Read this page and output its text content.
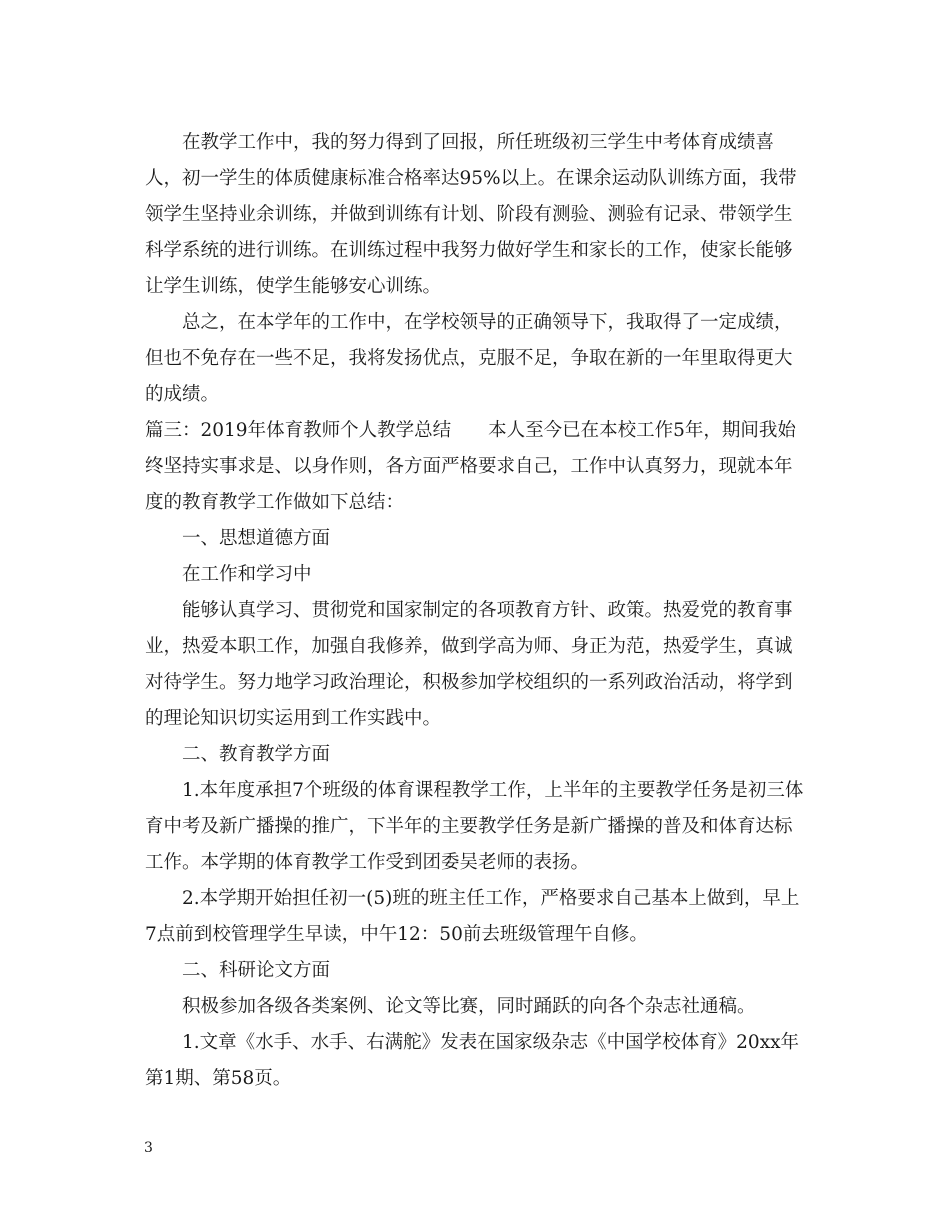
在教学工作中，我的努力得到了回报，所任班级初三学生中考体育成绩喜人，初一学生的体质健康标准合格率达95%以上。在课余运动队训练方面，我带领学生坚持业余训练，并做到训练有计划、阶段有测验、测验有记录、带领学生科学系统的进行训练。在训练过程中我努力做好学生和家长的工作，使家长能够让学生训练，使学生能够安心训练。

总之，在本学年的工作中，在学校领导的正确领导下，我取得了一定成绩，但也不免存在一些不足，我将发扬优点，克服不足，争取在新的一年里取得更大的成绩。

篇三：2019年体育教师个人教学总结　　本人至今已在本校工作5年，期间我始终坚持实事求是、以身作则，各方面严格要求自己，工作中认真努力，现就本年度的教育教学工作做如下总结：

一、思想道德方面

在工作和学习中

能够认真学习、贯彻党和国家制定的各项教育方针、政策。热爱党的教育事业，热爱本职工作，加强自我修养，做到学高为师、身正为范，热爱学生，真诚对待学生。努力地学习政治理论，积极参加学校组织的一系列政治活动，将学到的理论知识切实运用到工作实践中。

二、教育教学方面

1.本年度承担7个班级的体育课程教学工作，上半年的主要教学任务是初三体育中考及新广播操的推广，下半年的主要教学任务是新广播操的普及和体育达标工作。本学期的体育教学工作受到团委吴老师的表扬。

2.本学期开始担任初一(5)班的班主任工作，严格要求自己基本上做到，早上7点前到校管理学生早读，中午12：50前去班级管理午自修。

二、科研论文方面

积极参加各级各类案例、论文等比赛，同时踊跃的向各个杂志社通稿。

1.文章《水手、水手、右满舵》发表在国家级杂志《中国学校体育》20xx年第1期、第58页。

3
